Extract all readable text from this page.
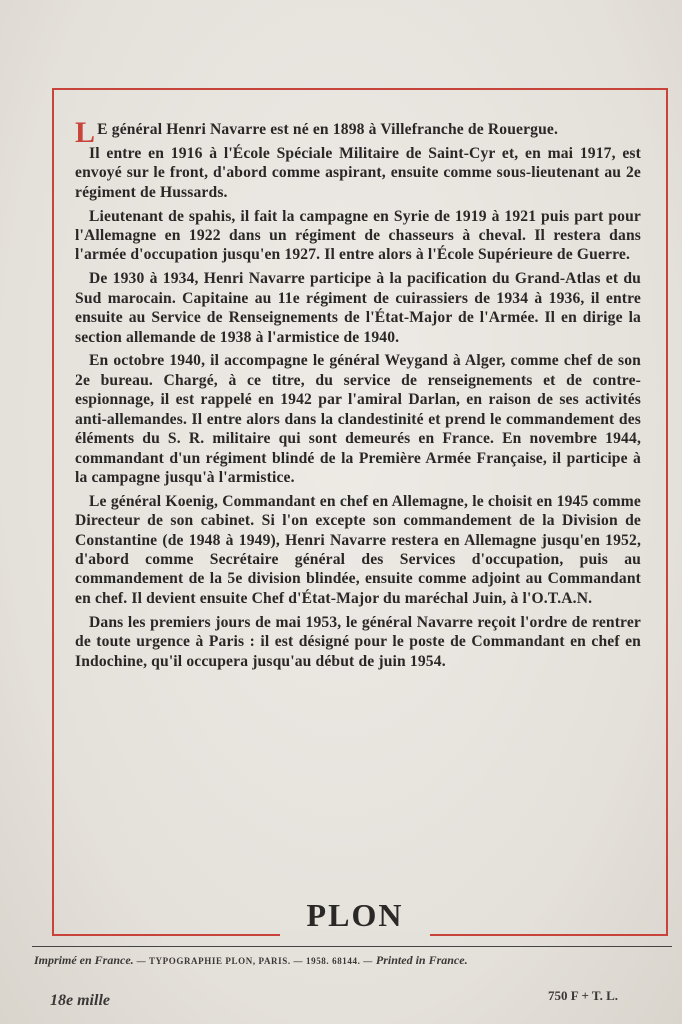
L E général Henri Navarre est né en 1898 à Villefranche de Rouergue.

Il entre en 1916 à l'École Spéciale Militaire de Saint-Cyr et, en mai 1917, est envoyé sur le front, d'abord comme aspirant, ensuite comme sous-lieutenant au 2e régiment de Hussards.

Lieutenant de spahis, il fait la campagne en Syrie de 1919 à 1921 puis part pour l'Allemagne en 1922 dans un régiment de chasseurs à cheval. Il restera dans l'armée d'occupation jusqu'en 1927. Il entre alors à l'École Supérieure de Guerre.

De 1930 à 1934, Henri Navarre participe à la pacification du Grand-Atlas et du Sud marocain. Capitaine au 11e régiment de cuirassiers de 1934 à 1936, il entre ensuite au Service de Renseignements de l'État-Major de l'Armée. Il en dirige la section allemande de 1938 à l'armistice de 1940.

En octobre 1940, il accompagne le général Weygand à Alger, comme chef de son 2e bureau. Chargé, à ce titre, du service de renseignements et de contre-espionnage, il est rappelé en 1942 par l'amiral Darlan, en raison de ses activités anti-allemandes. Il entre alors dans la clandestinité et prend le commandement des éléments du S. R. militaire qui sont demeurés en France. En novembre 1944, commandant d'un régiment blindé de la Première Armée Française, il participe à la campagne jusqu'à l'armistice.

Le général Koenig, Commandant en chef en Allemagne, le choisit en 1945 comme Directeur de son cabinet. Si l'on excepte son commandement de la Division de Constantine (de 1948 à 1949), Henri Navarre restera en Allemagne jusqu'en 1952, d'abord comme Secrétaire général des Services d'occupation, puis au commandement de la 5e division blindée, ensuite comme adjoint au Commandant en chef. Il devient ensuite Chef d'État-Major du maréchal Juin, à l'O.T.A.N.

Dans les premiers jours de mai 1953, le général Navarre reçoit l'ordre de rentrer de toute urgence à Paris : il est désigné pour le poste de Commandant en chef en Indochine, qu'il occupera jusqu'au début de juin 1954.

PLON
Imprimé en France. — TYPOGRAPHIE PLON, PARIS. — 1958. 68144. — Printed in France.
18e mille	750 F + T. L.
